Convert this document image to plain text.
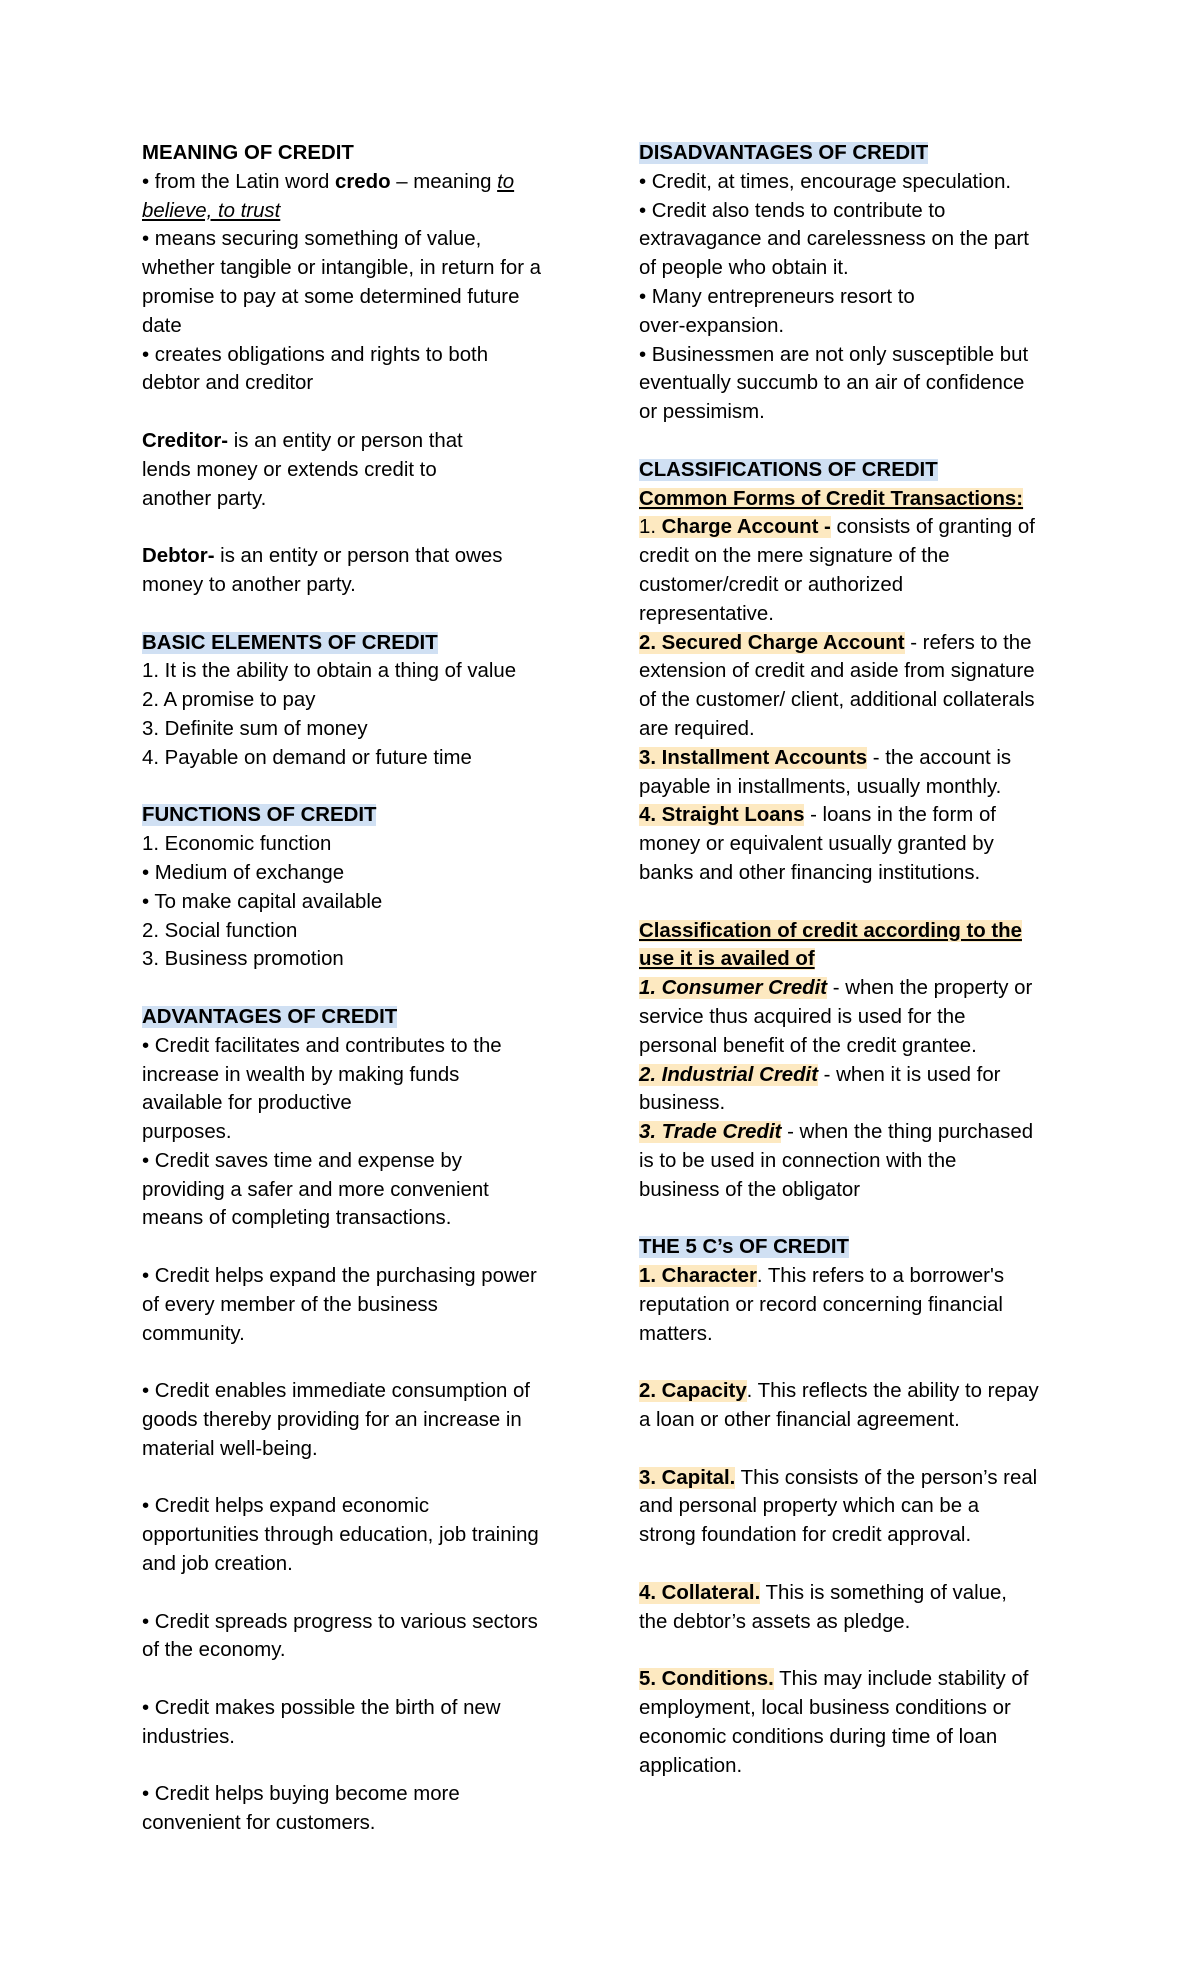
MEANING OF CREDIT
• from the Latin word credo – meaning to
believe, to trust
• means securing something of value,
whether tangible or intangible, in return for a
promise to pay at some determined future
date
• creates obligations and rights to both
debtor and creditor
Creditor- is an entity or person that
lends money or extends credit to
another party.
Debtor- is an entity or person that owes
money to another party.
BASIC ELEMENTS OF CREDIT
1. It is the ability to obtain a thing of value
2. A promise to pay
3. Definite sum of money
4. Payable on demand or future time
FUNCTIONS OF CREDIT
1. Economic function
• Medium of exchange
• To make capital available
2. Social function
3. Business promotion
ADVANTAGES OF CREDIT
• Credit facilitates and contributes to the
increase in wealth by making funds
available for productive
purposes.
• Credit saves time and expense by
providing a safer and more convenient
means of completing transactions.
• Credit helps expand the purchasing power
of every member of the business
community.
• Credit enables immediate consumption of
goods thereby providing for an increase in
material well-being.
• Credit helps expand economic
opportunities through education, job training
and job creation.
• Credit spreads progress to various sectors
of the economy.
• Credit makes possible the birth of new
industries.
• Credit helps buying become more
convenient for customers.
DISADVANTAGES OF CREDIT
• Credit, at times, encourage speculation.
• Credit also tends to contribute to
extravagance and carelessness on the part
of people who obtain it.
• Many entrepreneurs resort to
over-expansion.
• Businessmen are not only susceptible but
eventually succumb to an air of confidence
or pessimism.
CLASSIFICATIONS OF CREDIT
Common Forms of Credit Transactions:
1. Charge Account - consists of granting of
credit on the mere signature of the
customer/credit or authorized
representative.
2. Secured Charge Account - refers to the
extension of credit and aside from signature
of the customer/ client, additional collaterals
are required.
3. Installment Accounts - the account is
payable in installments, usually monthly.
4. Straight Loans - loans in the form of
money or equivalent usually granted by
banks and other financing institutions.
Classification of credit according to the
use it is availed of
1. Consumer Credit - when the property or
service thus acquired is used for the
personal benefit of the credit grantee.
2. Industrial Credit - when it is used for
business.
3. Trade Credit - when the thing purchased
is to be used in connection with the
business of the obligator
THE 5 C’s OF CREDIT
1. Character. This refers to a borrower's
reputation or record concerning financial
matters.
2. Capacity. This reflects the ability to repay
a loan or other financial agreement.
3. Capital. This consists of the person’s real
and personal property which can be a
strong foundation for credit approval.
4. Collateral. This is something of value,
the debtor’s assets as pledge.
5. Conditions. This may include stability of
employment, local business conditions or
economic conditions during time of loan
application.
